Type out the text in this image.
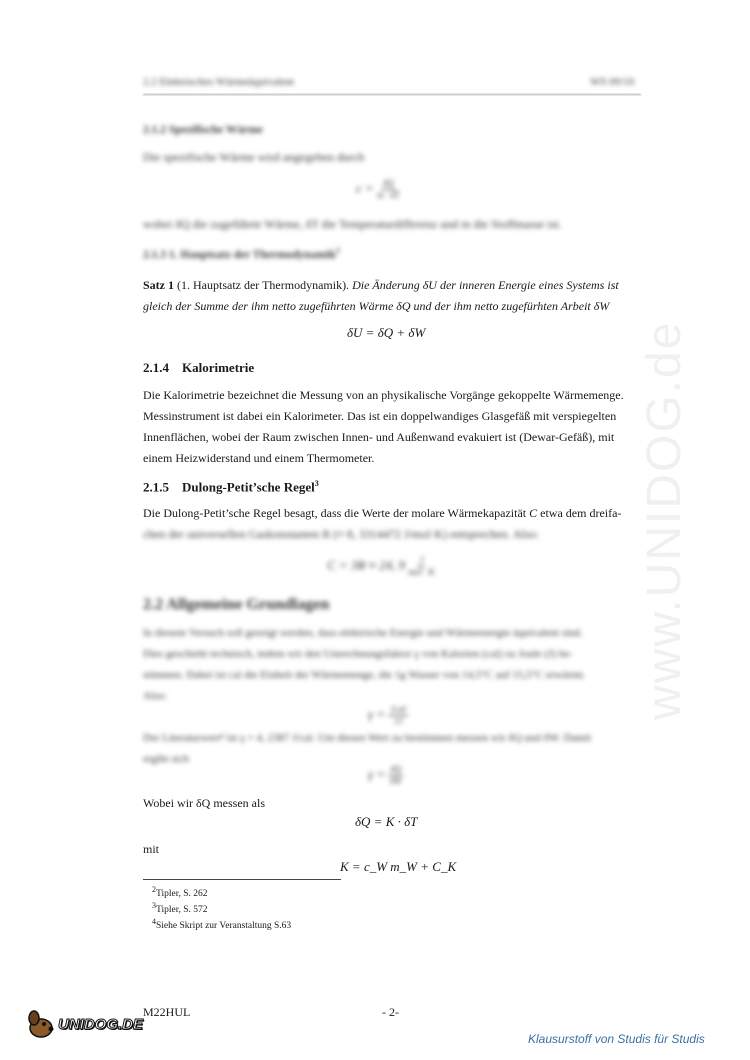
www.UNIDOG.de
2.2 Elektrisches Wärmeäquivalent	WS 09/10
2.1.2 Spezifische Wärme
Die spezifische Wärme wird angegeben durch
$c = \frac{\delta Q}{m \cdot \delta T}$
wobei δQ die zugeführte Wärme, δT die Temperaturdifferenz und m die Stoffmasse ist.
2.1.3 1. Hauptsatz der Thermodynamik$^2$
Satz 1 (1. Hauptsatz der Thermodynamik). Die Änderung δU der inneren Energie eines Systems ist
gleich der Summe der ihm netto zugeführten Wärme δQ und der ihm netto zugefürhten Arbeit δW
δU = δQ + δW
2.1.4 Kalorimetrie
Die Kalorimetrie bezeichnet die Messung von an physikalische Vorgänge gekoppelte Wärmemenge.
Messinstrument ist dabei ein Kalorimeter. Das ist ein doppelwandiges Glasgefäß mit verspiegelten
Innenflächen, wobei der Raum zwischen Innen- und Außenwand evakuiert ist (Dewar-Gefäß), mit
einem Heizwiderstand und einem Thermometer.
2.1.5 Dulong-Petit’sche Regel$^3$
Die Dulong-Petit’sche Regel besagt, dass die Werte der molare Wärmekapazität C etwa dem dreifa-
chen der universellen Gaskonstanten R (≈ 8, 3314472 J/mol·K) entsprechen. Also:
C = 3R ≈ 24, $9 \frac{J}{\text{mol · K}}$
2.2 Allgemeine Grundlagen
In diesem Versuch soll gezeigt werden, dass elektrische Energie und Wärmeenergie äquivalent sind.
Dies geschieht technisch, indem wir den Umrechnungsfaktor γ von Kalorien (cal) zu Joule (J) be-
stimmen. Dabei ist cal die Einheit der Wärmemenge, die 1g Wasser von 14,5°C auf 15,5°C erwärmt.
Also:
$\gamma = \frac{\text{1cal}}{1J}$
Der Literaturwert⁴ ist γ = 4, 2387 J/cal. Um diesen Wert zu bestimmen messen wir δQ und δW. Damit
ergibt sich
$\gamma = \frac{\delta Q}{\delta W}$
Wobei wir δQ messen als
δQ = K · δT
mit
K = c_W m_W + C_K
$^2$Tipler, S. 262
$^3$Tipler, S. 572
$^4$Siehe Skript zur Veranstaltung S.63
M22HUL	- 2-
UNIDOG.DE
Klausurstoff von Studis für Studis
